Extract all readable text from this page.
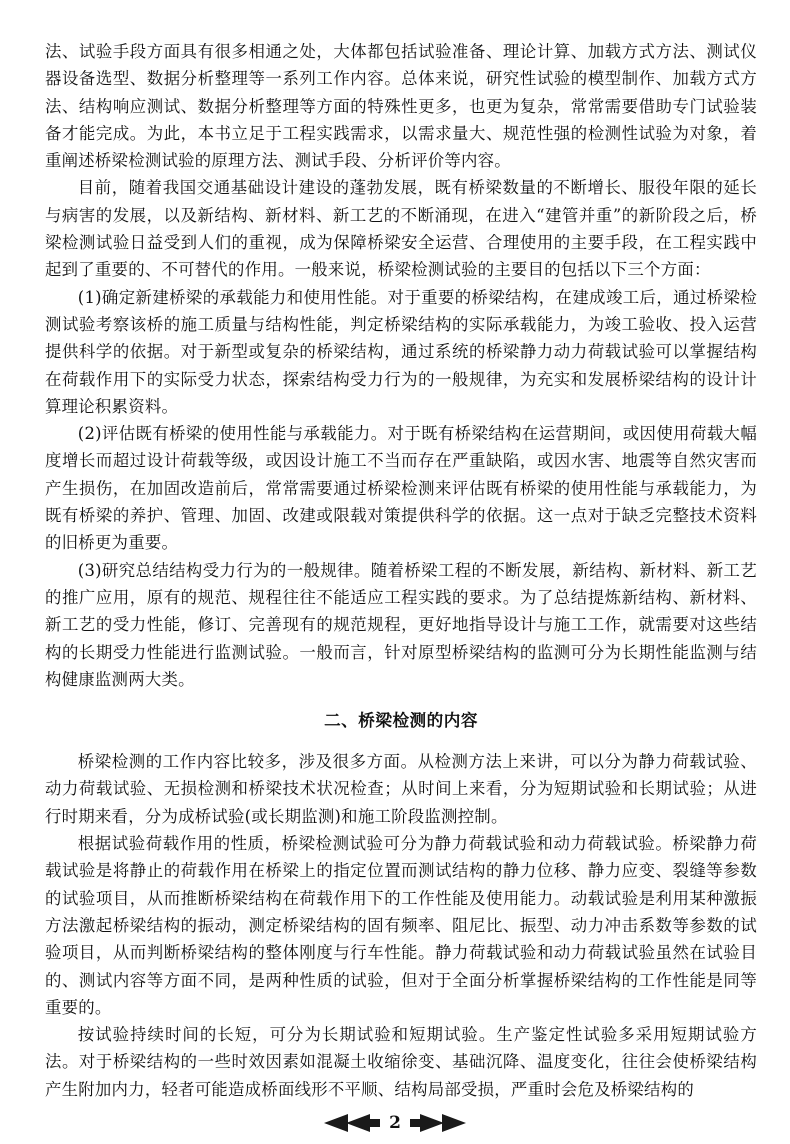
法、试验手段方面具有很多相通之处，大体都包括试验准备、理论计算、加载方式方法、测试仪器设备选型、数据分析整理等一系列工作内容。总体来说，研究性试验的模型制作、加载方式方法、结构响应测试、数据分析整理等方面的特殊性更多，也更为复杂，常常需要借助专门试验装备才能完成。为此，本书立足于工程实践需求，以需求量大、规范性强的检测性试验为对象，着重阐述桥梁检测试验的原理方法、测试手段、分析评价等内容。

目前，随着我国交通基础设计建设的蓬勃发展，既有桥梁数量的不断增长、服役年限的延长与病害的发展，以及新结构、新材料、新工艺的不断涌现，在进入“建管并重”的新阶段之后，桥梁检测试验日益受到人们的重视，成为保障桥梁安全运营、合理使用的主要手段，在工程实践中起到了重要的、不可替代的作用。一般来说，桥梁检测试验的主要目的包括以下三个方面：

(1)确定新建桥梁的承载能力和使用性能。对于重要的桥梁结构，在建成竣工后，通过桥梁检测试验考察该桥的施工质量与结构性能，判定桥梁结构的实际承载能力，为竣工验收、投入运营提供科学的依据。对于新型或复杂的桥梁结构，通过系统的桥梁静力动力荷载试验可以掌握结构在荷载作用下的实际受力状态，探索结构受力行为的一般规律，为充实和发展桥梁结构的设计计算理论积累资料。

(2)评估既有桥梁的使用性能与承载能力。对于既有桥梁结构在运营期间，或因使用荷载大幅度增长而超过设计荷载等级，或因设计施工不当而存在严重缺陷，或因水害、地震等自然灾害而产生损伤，在加固改造前后，常常需要通过桥梁检测来评估既有桥梁的使用性能与承载能力，为既有桥梁的养护、管理、加固、改建或限载对策提供科学的依据。这一点对于缺乏完整技术资料的旧桥更为重要。

(3)研究总结结构受力行为的一般规律。随着桥梁工程的不断发展，新结构、新材料、新工艺的推广应用，原有的规范、规程往往不能适应工程实践的要求。为了总结提炼新结构、新材料、新工艺的受力性能，修订、完善现有的规范规程，更好地指导设计与施工工作，就需要对这些结构的长期受力性能进行监测试验。一般而言，针对原型桥梁结构的监测可分为长期性能监测与结构健康监测两大类。

二、桥梁检测的内容

桥梁检测的工作内容比较多，涉及很多方面。从检测方法上来讲，可以分为静力荷载试验、动力荷载试验、无损检测和桥梁技术状况检查；从时间上来看，分为短期试验和长期试验；从进行时期来看，分为成桥试验(或长期监测)和施工阶段监测控制。

根据试验荷载作用的性质，桥梁检测试验可分为静力荷载试验和动力荷载试验。桥梁静力荷载试验是将静止的荷载作用在桥梁上的指定位置而测试结构的静力位移、静力应变、裂缝等参数的试验项目，从而推断桥梁结构在荷载作用下的工作性能及使用能力。动载试验是利用某种激振方法激起桥梁结构的振动，测定桥梁结构的固有频率、阻尼比、振型、动力冲击系数等参数的试验项目，从而判断桥梁结构的整体刚度与行车性能。静力荷载试验和动力荷载试验虽然在试验目的、测试内容等方面不同，是两种性质的试验，但对于全面分析掌握桥梁结构的工作性能是同等重要的。

按试验持续时间的长短，可分为长期试验和短期试验。生产鉴定性试验多采用短期试验方法。对于桥梁结构的一些时效因素如混凝土收缩徐变、基础沉降、温度变化，往往会使桥梁结构产生附加内力，轻者可能造成桥面线形不平顺、结构局部受损，严重时会危及桥梁结构的

2
